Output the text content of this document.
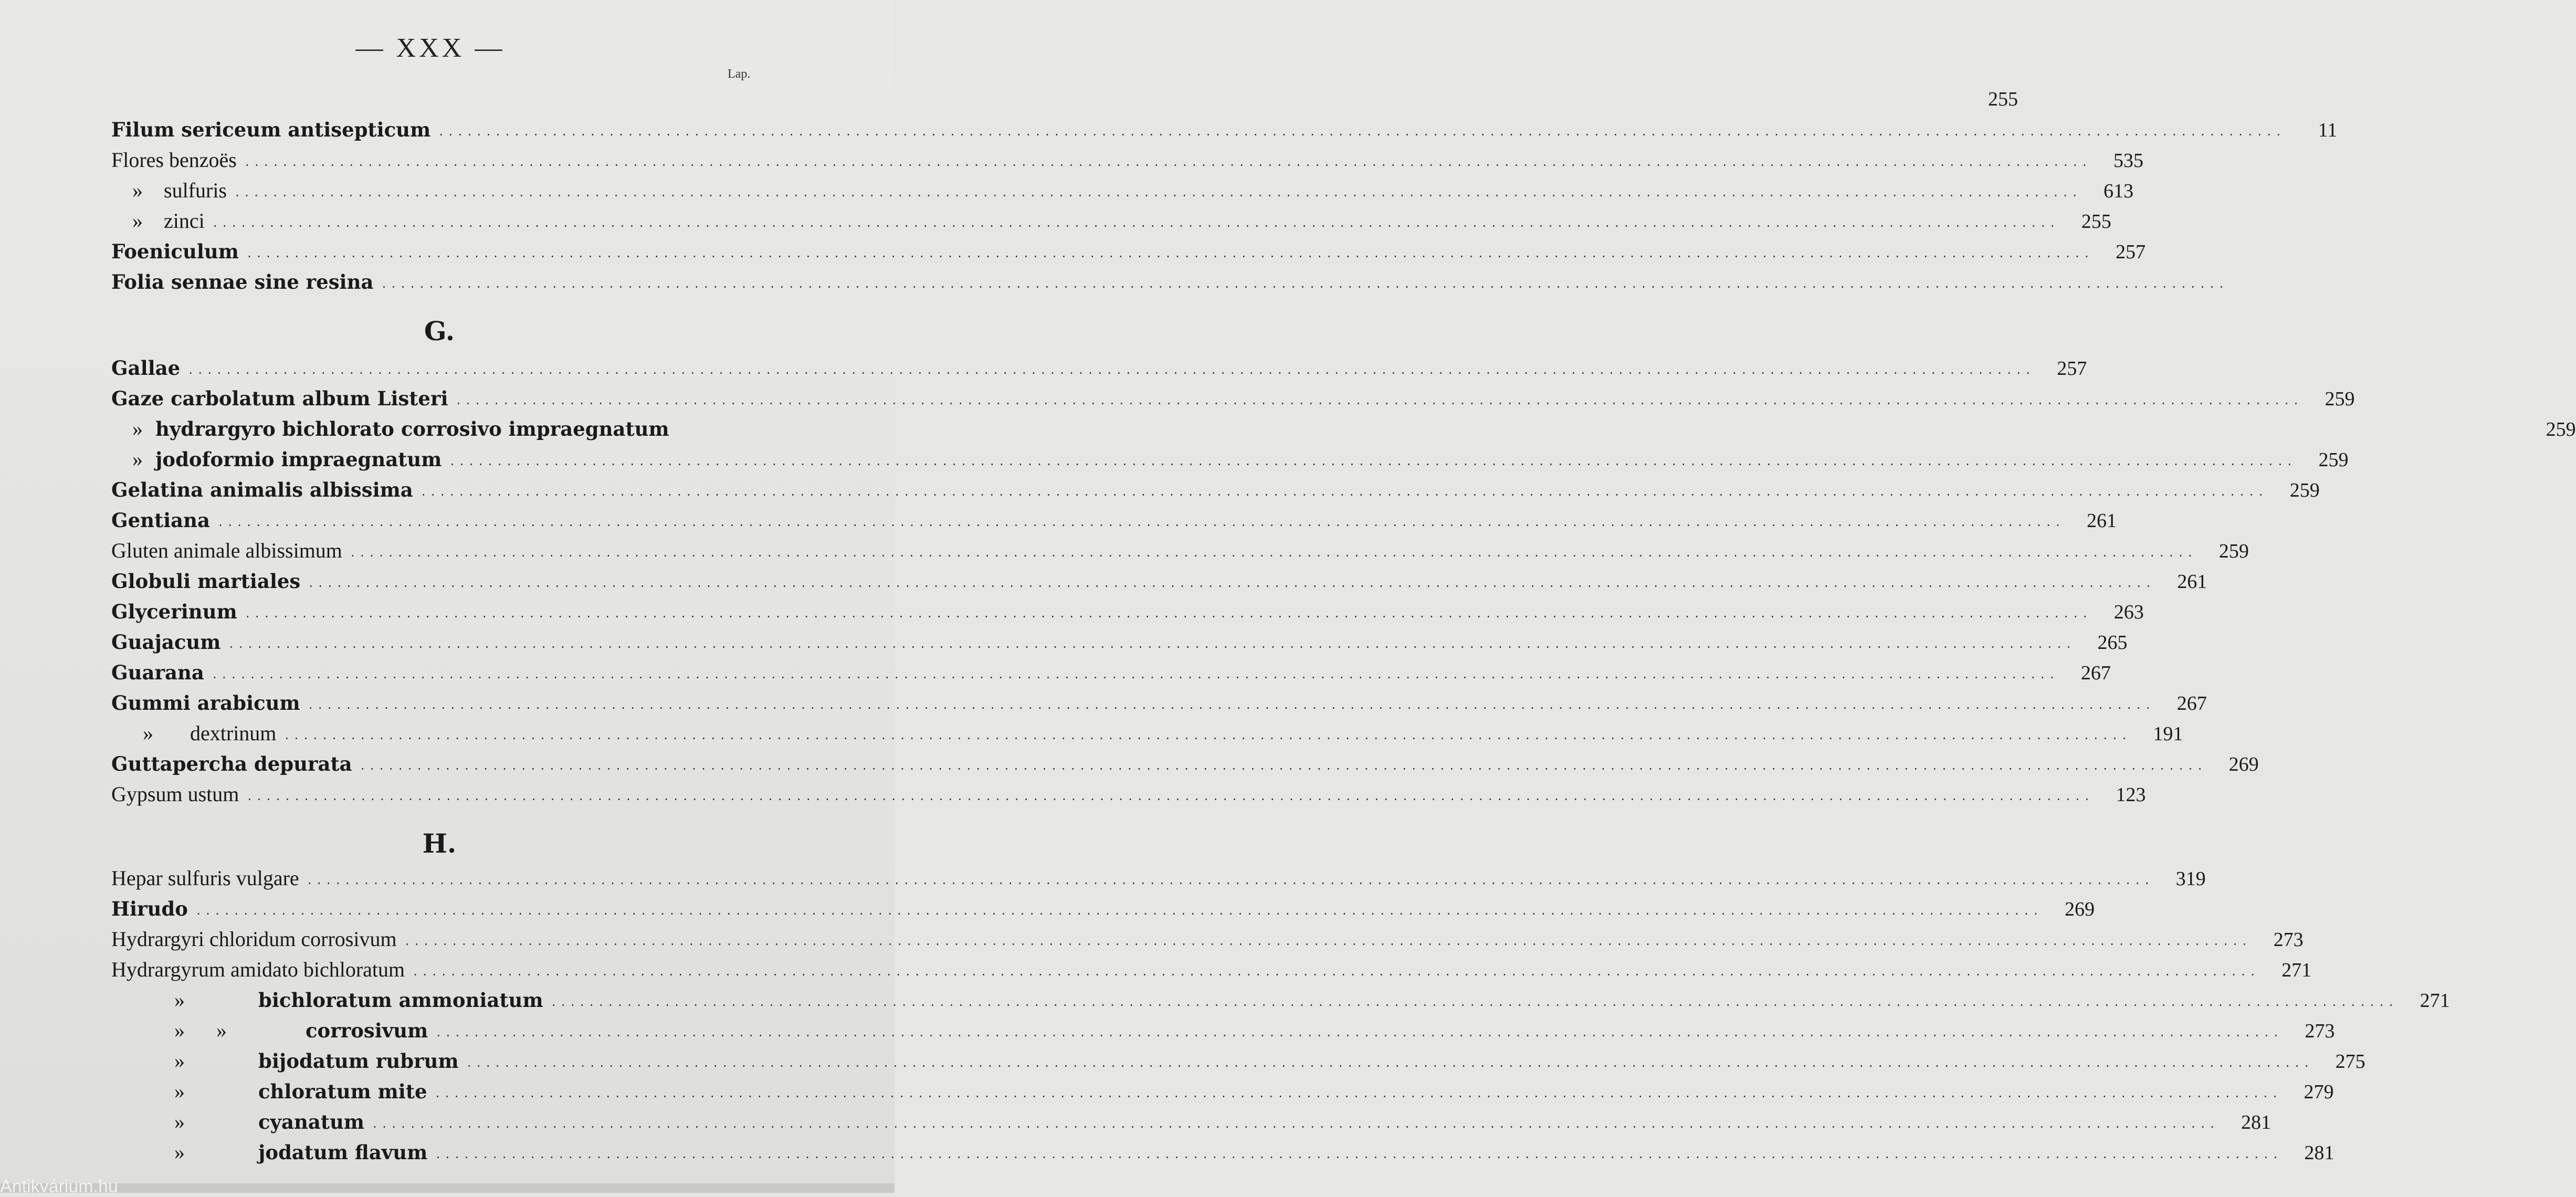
— XXX —
Lap.
255
Filum sericeum antisepticum ...................................................................................................................................................................................................	11
Flores benzoës ...................................................................................................................................................................................................	535
»	sulfuris ...................................................................................................................................................................................................	613
»	zinci ...................................................................................................................................................................................................	255
Foeniculum ...................................................................................................................................................................................................	257
Folia sennae sine resina ...................................................................................................................................................................................................
G.
Gallae ...................................................................................................................................................................................................	257
Gaze carbolatum album Listeri ...................................................................................................................................................................................................	259
» hydrargyro bichlorato corrosivo impraegnatum	259
» jodoformio impraegnatum ...................................................................................................................................................................................................	259
Gelatina animalis albissima ...................................................................................................................................................................................................	259
Gentiana ...................................................................................................................................................................................................	261
Gluten animale albissimum ...................................................................................................................................................................................................	259
Globuli martiales ...................................................................................................................................................................................................	261
Glycerinum ...................................................................................................................................................................................................	263
Guajacum ...................................................................................................................................................................................................	265
Guarana ...................................................................................................................................................................................................	267
Gummi arabicum ...................................................................................................................................................................................................	267
»	dextrinum ...................................................................................................................................................................................................	191
Guttapercha depurata ...................................................................................................................................................................................................	269
Gypsum ustum ...................................................................................................................................................................................................	123
H.
Hepar sulfuris vulgare ...................................................................................................................................................................................................	319
Hirudo ...................................................................................................................................................................................................	269
Hydrargyri chloridum corrosivum ...................................................................................................................................................................................................	273
Hydrargyrum amidato bichloratum ...................................................................................................................................................................................................	271
»	bichloratum ammoniatum ...................................................................................................................................................................................................	271
»      »	corrosivum ...................................................................................................................................................................................................	273
»	bijodatum rubrum ...................................................................................................................................................................................................	275
»	chloratum mite ...................................................................................................................................................................................................	279
»	cyanatum ...................................................................................................................................................................................................	281
»	jodatum flavum ...................................................................................................................................................................................................	281
Antikvárium.hu
